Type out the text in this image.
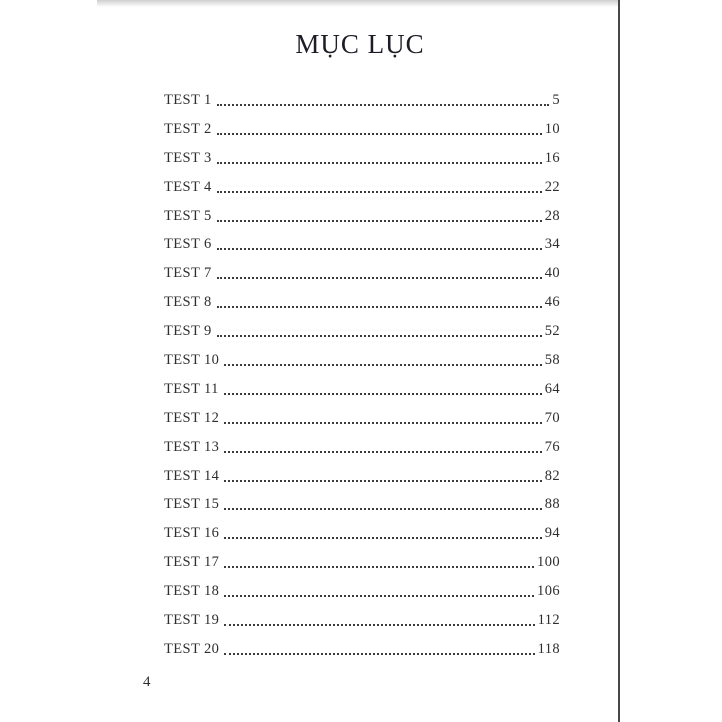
MỤC LỤC
TEST 1	5
TEST 2	10
TEST 3	16
TEST 4	22
TEST 5	28
TEST 6	34
TEST 7	40
TEST 8	46
TEST 9	52
TEST 10	58
TEST 11	64
TEST 12	70
TEST 13	76
TEST 14	82
TEST 15	88
TEST 16	94
TEST 17	100
TEST 18	106
TEST 19	112
TEST 20	118
4
